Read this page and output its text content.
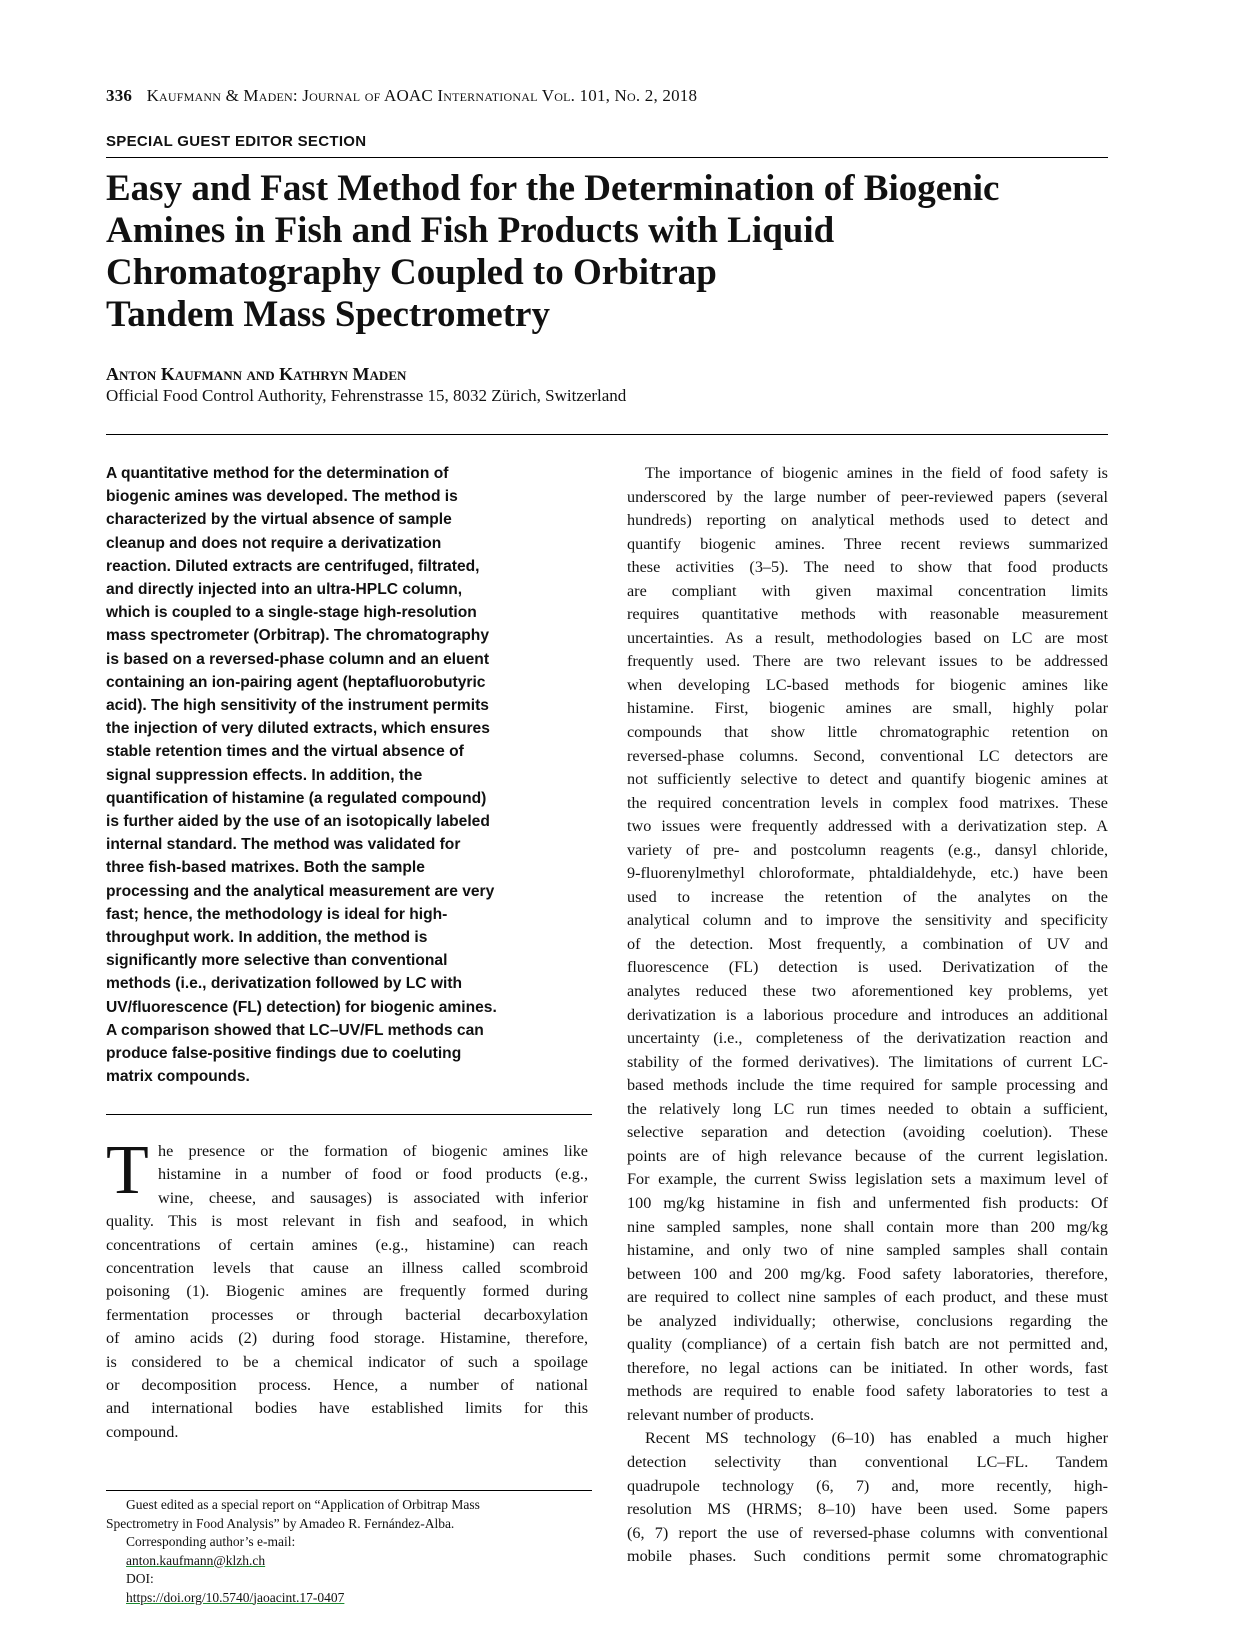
336 Kaufmann & Maden: Journal of AOAC International Vol. 101, No. 2, 2018
SPECIAL GUEST EDITOR SECTION
Easy and Fast Method for the Determination of Biogenic
Amines in Fish and Fish Products with Liquid
Chromatography Coupled to Orbitrap
Tandem Mass Spectrometry
Anton Kaufmann and Kathryn Maden
Official Food Control Authority, Fehrenstrasse 15, 8032 Zürich, Switzerland
A quantitative method for the determination of
biogenic amines was developed. The method is
characterized by the virtual absence of sample
cleanup and does not require a derivatization
reaction. Diluted extracts are centrifuged, filtrated,
and directly injected into an ultra-HPLC column,
which is coupled to a single-stage high-resolution
mass spectrometer (Orbitrap). The chromatography
is based on a reversed-phase column and an eluent
containing an ion-pairing agent (heptafluorobutyric
acid). The high sensitivity of the instrument permits
the injection of very diluted extracts, which ensures
stable retention times and the virtual absence of
signal suppression effects. In addition, the
quantification of histamine (a regulated compound)
is further aided by the use of an isotopically labeled
internal standard. The method was validated for
three fish-based matrixes. Both the sample
processing and the analytical measurement are very
fast; hence, the methodology is ideal for high-
throughput work. In addition, the method is
significantly more selective than conventional
methods (i.e., derivatization followed by LC with
UV/fluorescence (FL) detection) for biogenic amines.
A comparison showed that LC–UV/FL methods can
produce false-positive findings due to coeluting
matrix compounds.
T he presence or the formation of biogenic amines like
histamine in a number of food or food products (e.g.,
wine, cheese, and sausages) is associated with inferior
quality. This is most relevant in fish and seafood, in which
concentrations of certain amines (e.g., histamine) can reach
concentration levels that cause an illness called scombroid
poisoning (1). Biogenic amines are frequently formed during
fermentation processes or through bacterial decarboxylation
of amino acids (2) during food storage. Histamine, therefore,
is considered to be a chemical indicator of such a spoilage
or decomposition process. Hence, a number of national
and international bodies have established limits for this
compound.
Guest edited as a special report on “Application of Orbitrap Mass
Spectrometry in Food Analysis” by Amadeo R. Fernández-Alba.
Corresponding author’s e-mail:
anton.kaufmann@klzh.ch
DOI:
https://doi.org/10.5740/jaoacint.17-0407
The importance of biogenic amines in the field of food safety is
underscored by the large number of peer-reviewed papers (several
hundreds) reporting on analytical methods used to detect and
quantify biogenic amines. Three recent reviews summarized
these activities (3–5). The need to show that food products
are compliant with given maximal concentration limits
requires quantitative methods with reasonable measurement
uncertainties. As a result, methodologies based on LC are most
frequently used. There are two relevant issues to be addressed
when developing LC-based methods for biogenic amines like
histamine. First, biogenic amines are small, highly polar
compounds that show little chromatographic retention on
reversed-phase columns. Second, conventional LC detectors are
not sufficiently selective to detect and quantify biogenic amines at
the required concentration levels in complex food matrixes. These
two issues were frequently addressed with a derivatization step. A
variety of pre- and postcolumn reagents (e.g., dansyl chloride,
9-fluorenylmethyl chloroformate, phtaldialdehyde, etc.) have been
used to increase the retention of the analytes on the
analytical column and to improve the sensitivity and specificity
of the detection. Most frequently, a combination of UV and
fluorescence (FL) detection is used. Derivatization of the
analytes reduced these two aforementioned key problems, yet
derivatization is a laborious procedure and introduces an additional
uncertainty (i.e., completeness of the derivatization reaction and
stability of the formed derivatives). The limitations of current LC-
based methods include the time required for sample processing and
the relatively long LC run times needed to obtain a sufficient,
selective separation and detection (avoiding coelution). These
points are of high relevance because of the current legislation.
For example, the current Swiss legislation sets a maximum level of
100 mg/kg histamine in fish and unfermented fish products: Of
nine sampled samples, none shall contain more than 200 mg/kg
histamine, and only two of nine sampled samples shall contain
between 100 and 200 mg/kg. Food safety laboratories, therefore,
are required to collect nine samples of each product, and these must
be analyzed individually; otherwise, conclusions regarding the
quality (compliance) of a certain fish batch are not permitted and,
therefore, no legal actions can be initiated. In other words, fast
methods are required to enable food safety laboratories to test a
relevant number of products.
Recent MS technology (6–10) has enabled a much higher
detection selectivity than conventional LC–FL. Tandem
quadrupole technology (6, 7) and, more recently, high-
resolution MS (HRMS; 8–10) have been used. Some papers
(6, 7) report the use of reversed-phase columns with conventional
mobile phases. Such conditions permit some chromatographic
